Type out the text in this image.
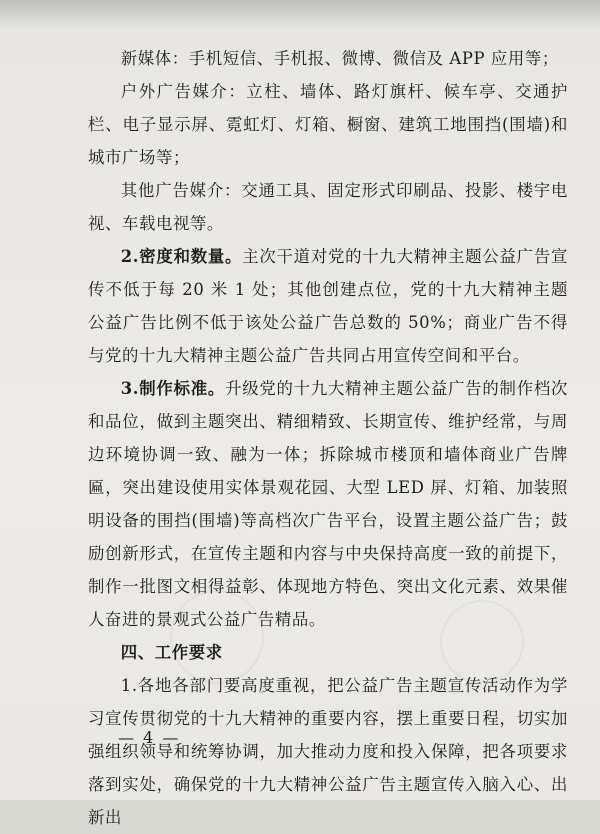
新媒体：手机短信、手机报、微博、微信及 APP 应用等；

户外广告媒介：立柱、墙体、路灯旗杆、候车亭、交通护栏、电子显示屏、霓虹灯、灯箱、橱窗、建筑工地围挡(围墙)和城市广场等；

其他广告媒介：交通工具、固定形式印刷品、投影、楼宇电视、车载电视等。

2.密度和数量。主次干道对党的十九大精神主题公益广告宣传不低于每 20 米 1 处；其他创建点位，党的十九大精神主题公益广告比例不低于该处公益广告总数的 50%；商业广告不得与党的十九大精神主题公益广告共同占用宣传空间和平台。

3.制作标准。升级党的十九大精神主题公益广告的制作档次和品位，做到主题突出、精细精致、长期宣传、维护经常，与周边环境协调一致、融为一体；拆除城市楼顶和墙体商业广告牌匾，突出建设使用实体景观花园、大型 LED 屏、灯箱、加装照明设备的围挡(围墙)等高档次广告平台，设置主题公益广告；鼓励创新形式，在宣传主题和内容与中央保持高度一致的前提下，制作一批图文相得益彰、体现地方特色、突出文化元素、效果催人奋进的景观式公益广告精品。

四、工作要求

1.各地各部门要高度重视，把公益广告主题宣传活动作为学习宣传贯彻党的十九大精神的重要内容，摆上重要日程，切实加强组织领导和统筹协调，加大推动力度和投入保障，把各项要求落到实处，确保党的十九大精神公益广告主题宣传入脑入心、出新出

— 4 —
